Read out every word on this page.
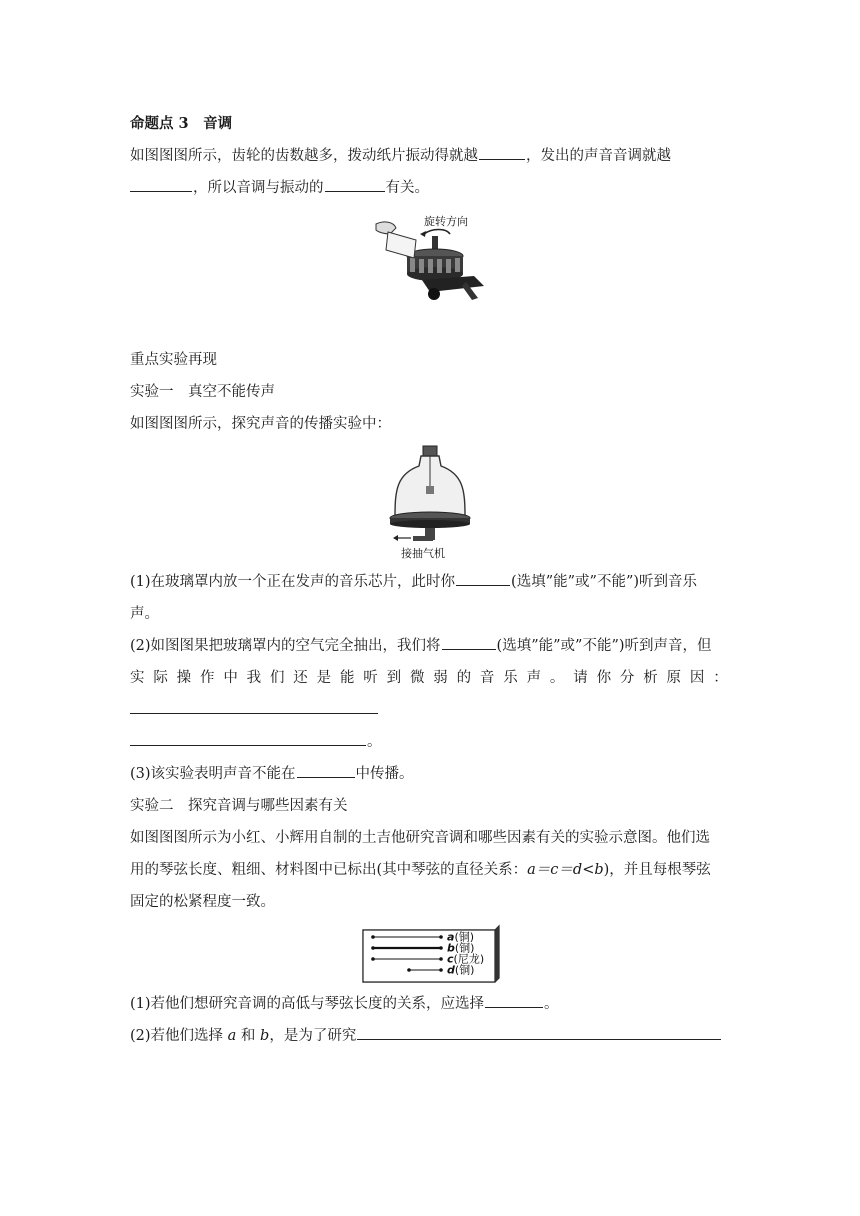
命题点 3　音调
如图图图所示，齿轮的齿数越多，拨动纸片振动得就越	，发出的声音音调就越
，所以音调与振动的	有关。
旋转方向
重点实验再现
实验一　真空不能传声
如图图图所示，探究声音的传播实验中：
接抽气机
(1)在玻璃罩内放一个正在发声的音乐芯片，此时你	(选填”能”或”不能”)听到音乐
声。
(2)如图图果把玻璃罩内的空气完全抽出，我们将	(选填”能”或”不能”)听到声音，但
实 际 操 作 中 我 们 还 是 能 听 到 微 弱 的 音 乐 声 。 请 你 分 析 原 因 ：
。
(3)该实验表明声音不能在	中传播。
实验二　探究音调与哪些因素有关
如图图图所示为小红、小辉用自制的土吉他研究音调和哪些因素有关的实验示意图。他们选
用的琴弦长度、粗细、材料图中已标出(其中琴弦的直径关系：a＝c＝d<b)，并且每根琴弦
固定的松紧程度一致。
a(铜)
b(铜)
c(尼龙)
d(铜)
(1)若他们想研究音调的高低与琴弦长度的关系，应选择	。
(2)若他们选择 a 和 b，是为了研究
